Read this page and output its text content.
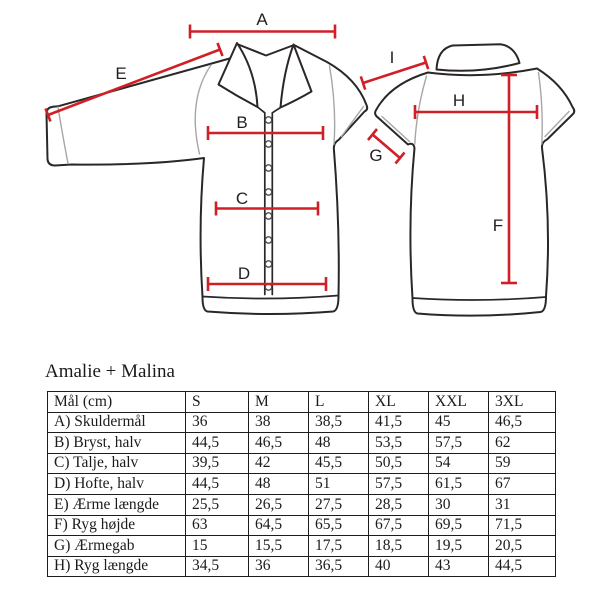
A
E
B
C
D
I
G
H
F
Amalie + Malina
Mål (cm)	S	M	L	XL	XXL	3XL
A) Skuldermål	36	38	38,5	41,5	45	46,5
B) Bryst, halv	44,5	46,5	48	53,5	57,5	62
C) Talje, halv	39,5	42	45,5	50,5	54	59
D) Hofte, halv	44,5	48	51	57,5	61,5	67
E) Ærme længde	25,5	26,5	27,5	28,5	30	31
F) Ryg højde	63	64,5	65,5	67,5	69,5	71,5
G) Ærmegab	15	15,5	17,5	18,5	19,5	20,5
H) Ryg længde	34,5	36	36,5	40	43	44,5
